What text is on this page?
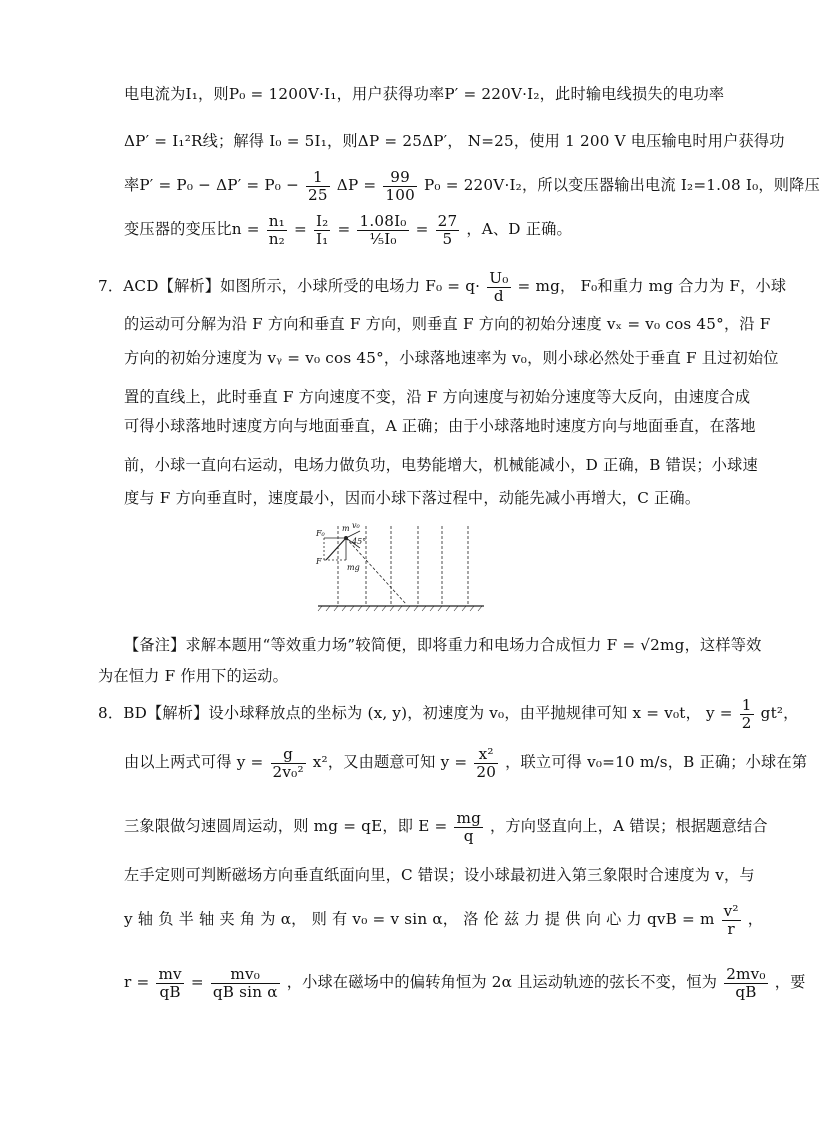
电电流为I₁，则P₀ = 1200V·I₁，用户获得功率P′ = 220V·I₂，此时输电线损失的电功率
ΔP′ = I₁²R线；解得 I₀ = 5I₁，则ΔP = 25ΔP′， N=25，使用 1 200 V 电压输电时用户获得功
率$P' = P_0 - \Delta P' = P_0 - \frac{1}{25}$ $\Delta P = \frac{99}{100} P_0 = 220V\cdot I_2$，所以变压器输出电流 I₂=1.08 I₀，则降压
变压器的变压比$n = \frac{\text{n₁}}{\text{n₂}} = \frac{\text{I₂}}{\text{I₁}} = \frac{\text{1.08I₀}}{\text{⅕I₀}} = \frac{27}{5}$ ，A、D 正确。
7．ACD【解析】如图所示，小球所受的电场力 $F_0 = q\cdot \frac{\text{U₀}}{d}$ = mg， F₀和重力 mg 合力为 F，小球
的运动可分解为沿 F 方向和垂直 F 方向，则垂直 F 方向的初始分速度 vₓ = v₀ cos 45°，沿 F
方向的初始分速度为 vᵧ = v₀ cos 45°，小球落地速率为 v₀，则小球必然处于垂直 F 且过初始位
置的直线上，此时垂直 F 方向速度不变，沿 F 方向速度与初始分速度等大反向，由速度合成
可得小球落地时速度方向与地面垂直，A 正确；由于小球落地时速度方向与地面垂直，在落地
前，小球一直向右运动，电场力做负功，电势能增大，机械能减小，D 正确，B 错误；小球速
度与 F 方向垂直时，速度最小，因而小球下落过程中，动能先减小再增大，C 正确。
F₀
m v₀
45°
F
mg
【备注】求解本题用“等效重力场”较简便，即将重力和电场力合成恒力 F = √2mg，这样等效
为在恒力 F 作用下的运动。
8．BD【解析】设小球释放点的坐标为 (x, y)，初速度为 v₀，由平抛规律可知 x = v₀t， $y = \frac{1}{2} gt^2$，
由以上两式可得 $y = \frac{g}{\text{2v₀²}} x^2$，又由题意可知 $y = \frac{\text{x²}}{20}$ ，联立可得 v₀=10 m/s，B 正确；小球在第
三象限做匀速圆周运动，则 mg = qE，即 $E = \frac{mg}{q}$ ，方向竖直向上，A 错误；根据题意结合
左手定则可判断磁场方向垂直纸面向里，C 错误；设小球最初进入第三象限时合速度为 v，与
y 轴 负 半 轴 夹 角 为 α， 则 有 v₀ = v sin α， 洛 伦 兹 力 提 供 向 心 力 qvB = m $\frac{\text{v²}}{r}$ ，
$r = \frac{mv}{qB} = \frac{\text{mv₀}}{\text{qB sin α}}$ ，小球在磁场中的偏转角恒为 2α 且运动轨迹的弦长不变，恒为 $\frac{\text{2mv₀}}{qB}$ ，要
